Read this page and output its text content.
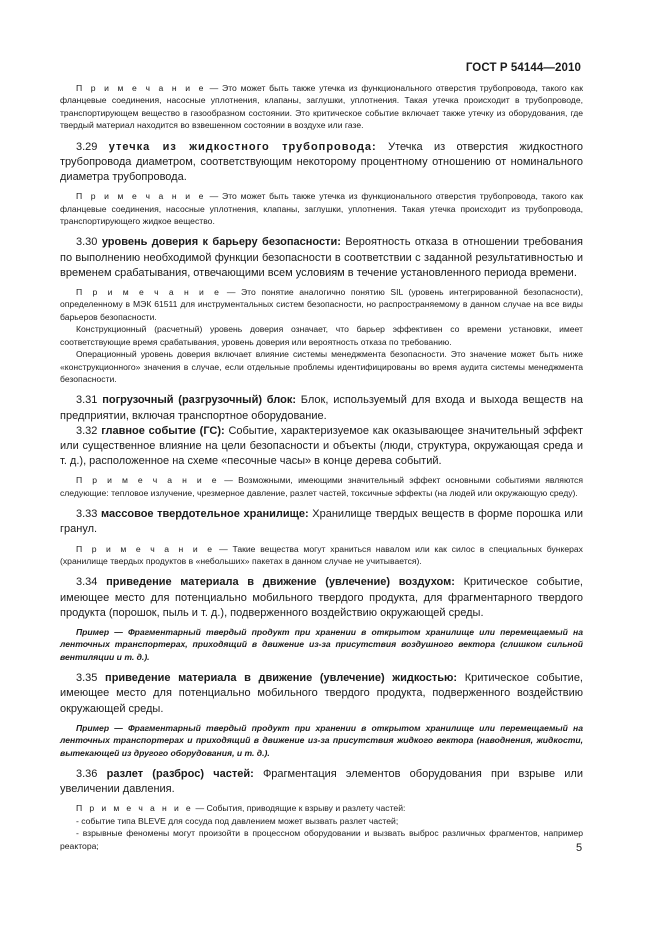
ГОСТ Р 54144—2010

П р и м е ч а н и е — Это может быть также утечка из функционального отверстия трубопровода, такого как фланцевые соединения, насосные уплотнения, клапаны, заглушки, уплотнения. Такая утечка происходит в трубопроводе, транспортирующем вещество в газообразном состоянии. Это критическое событие включает также утечку из оборудования, где твердый материал находится во взвешенном состоянии в воздухе или газе.

3.29 утечка из жидкостного трубопровода: Утечка из отверстия жидкостного трубопровода диаметром, соответствующим некоторому процентному отношению от номинального диаметра трубопровода.

П р и м е ч а н и е — Это может быть также утечка из функционального отверстия трубопровода, такого как фланцевые соединения, насосные уплотнения, клапаны, заглушки, уплотнения. Такая утечка происходит из трубопровода, транспортирующего жидкое вещество.

3.30 уровень доверия к барьеру безопасности: Вероятность отказа в отношении требования по выполнению необходимой функции безопасности в соответствии с заданной результативностью и временем срабатывания, отвечающими всем условиям в течение установленного периода времени.

П р и м е ч а н и е — Это понятие аналогично понятию SIL (уровень интегрированной безопасности), определенному в МЭК 61511 для инструментальных систем безопасности, но распространяемому в данном случае на все виды барьеров безопасности.

Конструкционный (расчетный) уровень доверия означает, что барьер эффективен со времени установки, имеет соответствующие время срабатывания, уровень доверия или вероятность отказа по требованию.

Операционный уровень доверия включает влияние системы менеджмента безопасности. Это значение может быть ниже «конструкционного» значения в случае, если отдельные проблемы идентифицированы во время аудита системы менеджмента безопасности.

3.31 погрузочный (разгрузочный) блок: Блок, используемый для входа и выхода веществ на предприятии, включая транспортное оборудование.

3.32 главное событие (ГС): Событие, характеризуемое как оказывающее значительный эффект или существенное влияние на цели безопасности и объекты (люди, структура, окружающая среда и т. д.), расположенное на схеме «песочные часы» в конце дерева событий.

П р и м е ч а н и е — Возможными, имеющими значительный эффект основными событиями являются следующие: тепловое излучение, чрезмерное давление, разлет частей, токсичные эффекты (на людей или окружающую среду).

3.33 массовое твердотельное хранилище: Хранилище твердых веществ в форме порошка или гранул.

П р и м е ч а н и е — Такие вещества могут храниться навалом или как силос в специальных бункерах (хранилище твердых продуктов в «небольших» пакетах в данном случае не учитывается).

3.34 приведение материала в движение (увлечение) воздухом: Критическое событие, имеющее место для потенциально мобильного твердого продукта, для фрагментарного твердого продукта (порошок, пыль и т. д.), подверженного воздействию окружающей среды.

Пример — Фрагментарный твердый продукт при хранении в открытом хранилище или перемещаемый на ленточных транспортерах, приходящий в движение из-за присутствия воздушного вектора (слишком сильной вентиляции и т. д.).

3.35 приведение материала в движение (увлечение) жидкостью: Критическое событие, имеющее место для потенциально мобильного твердого продукта, подверженного воздействию окружающей среды.

Пример — Фрагментарный твердый продукт при хранении в открытом хранилище или перемещаемый на ленточных транспортерах и приходящий в движение из-за присутствия жидкого вектора (наводнения, жидкости, вытекающей из другого оборудования, и т. д.).

3.36 разлет (разброс) частей: Фрагментация элементов оборудования при взрыве или увеличении давления.

П р и м е ч а н и е — События, приводящие к взрыву и разлету частей:

- событие типа BLEVE для сосуда под давлением может вызвать разлет частей;

- взрывные феномены могут произойти в процессном оборудовании и вызвать выброс различных фрагментов, например реактора;	5
